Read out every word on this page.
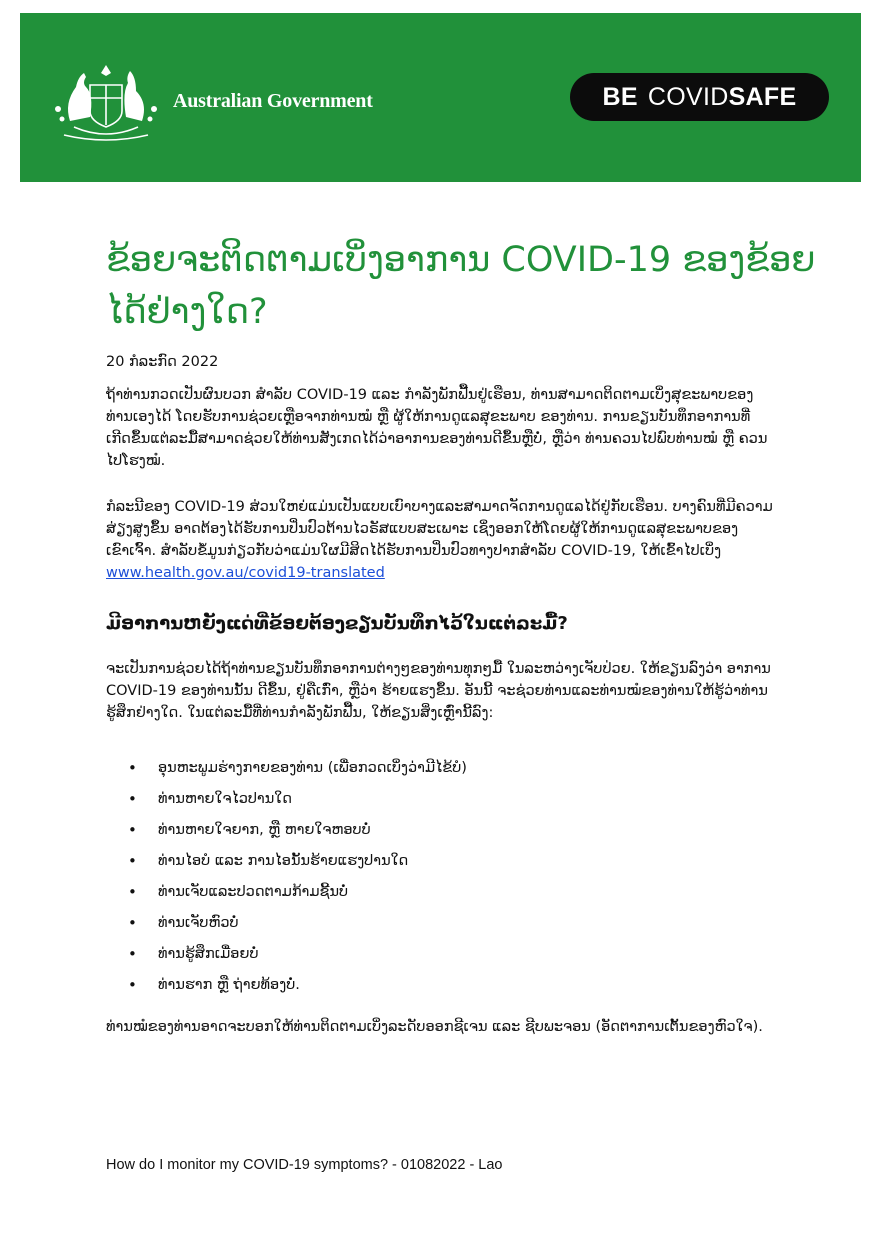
Australian Government	BE COVID SAFE
ຂ້ອຍຈະຕິດຕາມເບິ່ງອາການ COVID-19 ຂອງຂ້ອຍໄດ້ຢ່າງໃດ?
20 ກໍລະກົດ 2022

ຖ້າທ່ານກວດເປັນຜົນບວກ ສໍາລັບ COVID-19 ແລະ ກໍາລັງພັກຟື້ນຢູ່ເຮືອນ, ທ່ານສາມາດຕິດຕາມເບິ່ງສຸຂະພາບຂອງທ່ານເອງໄດ້ ໂດຍຮັບການຊ່ວຍເຫຼືອຈາກທ່ານໝໍ ຫຼື ຜູ້ໃຫ້ການດູແລສຸຂະພາບ ຂອງທ່ານ. ການຂຽນບັນທຶກອາການທີ່ເກີດຂຶ້ນແຕ່ລະມື້ສາມາດຊ່ວຍໃຫ້ທ່ານສັງເກດໄດ້ວ່າອາການຂອງທ່ານດີຂຶ້ນຫຼືບໍ່, ຫຼືວ່າ ທ່ານຄວນໄປພົບທ່ານໝໍ ຫຼື ຄວນໄປໂຮງໝໍ.

ກໍລະນີຂອງ COVID-19 ສ່ວນໃຫຍ່ແມ່ນເປັນແບບເບົາບາງແລະສາມາດຈັດການດູແລໄດ້ຢູ່ກັບເຮືອນ. ບາງຄົນທີ່ມີຄວາມສ່ຽງສູງຂຶ້ນ ອາດຕ້ອງໄດ້ຮັບການປິ່ນປົວຕ້ານໄວຣັສແບບສະເພາະ ເຊິ່ງອອກໃຫ້ໂດຍຜູ້ໃຫ້ການດູແລສຸຂະພາບຂອງເຂົາເຈົ້າ. ສໍາລັບຂໍ້ມູນກ່ຽວກັບວ່າແມ່ນໃຜມີສິດໄດ້ຮັບການປິ່ນປົວທາງປາກສໍາລັບ COVID-19, ໃຫ້ເຂົ້າໄປເບິ່ງ www.health.gov.au/covid19-translated

ມີອາການຫຍັງແດ່ທີ່ຂ້ອຍຕ້ອງຂຽນບັນທຶກໄວ້ໃນແຕ່ລະມື້?

ຈະເປັນການຊ່ວຍໄດ້ຖ້າທ່ານຂຽນບັນທຶກອາການຕ່າງໆຂອງທ່ານທຸກໆມື້ ໃນລະຫວ່າງເຈັບປ່ວຍ. ໃຫ້ຂຽນລົງວ່າ ອາການ COVID-19 ຂອງທ່ານນັ້ນ ດີຂຶ້ນ, ຢູ່ຄືເກົ່າ, ຫຼືວ່າ ຮ້າຍແຮງຂຶ້ນ. ອັນນີ້ ຈະຊ່ວຍທ່ານແລະທ່ານໝໍຂອງທ່ານໃຫ້ຮູ້ວ່າທ່ານຮູ້ສຶກຢ່າງໃດ. ໃນແຕ່ລະມື້ທີ່ທ່ານກໍາລັງພັກຟື້ນ, ໃຫ້ຂຽນສິ່ງເຫຼົ່ານີ້ລົງ:

•	ອຸນຫະພູມຮ່າງກາຍຂອງທ່ານ (ເພື່ອກວດເບິ່ງວ່າມີໄຂ້ບໍ)
•	ທ່ານຫາຍໃຈໄວປານໃດ
•	ທ່ານຫາຍໃຈຍາກ, ຫຼື ຫາຍໃຈຫອບບໍ່
•	ທ່ານໄອບໍ ແລະ ການໄອນັ້ນຮ້າຍແຮງປານໃດ
•	ທ່ານເຈັບແລະປວດຕາມກ້າມຊີ້ນບໍ່
•	ທ່ານເຈັບຫົວບໍ່
•	ທ່ານຮູ້ສຶກເມື່ອຍບໍ່
•	ທ່ານຮາກ ຫຼື ຖ່າຍທ້ອງບໍ່.

ທ່ານໝໍຂອງທ່ານອາດຈະບອກໃຫ້ທ່ານຕິດຕາມເບິ່ງລະດັບອອກຊີເຈນ ແລະ ຊີບພະຈອນ (ອັດຕາການເຕັ້ນຂອງຫົວໃຈ).

How do I monitor my COVID-19 symptoms? - 01082022 - Lao
